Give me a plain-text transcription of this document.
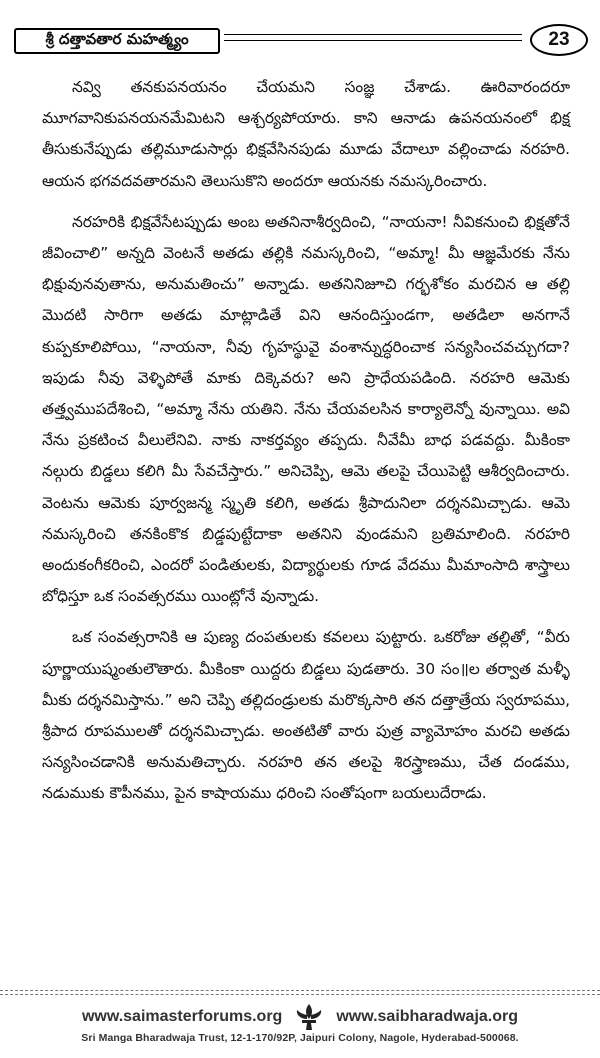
శ్రీ దత్తావతార మహత్మ్యం	23

నవ్వి తనకుపనయనం చేయమని సంజ్ఞ చేశాడు. ఊరివారందరూ మూగవానికుపనయనమేమిటని ఆశ్చర్యపోయారు. కాని ఆనాడు ఉపనయనంలో భిక్ష తీసుకునేప్పుడు తల్లిమూడుసార్లు భిక్షవేసినపుడు మూడు వేదాలూ వల్లించాడు నరహరి. ఆయన భగవదవతారమని తెలుసుకొని అందరూ ఆయనకు నమస్కరించారు.

నరహరికి భిక్షవేసేటప్పుడు అంబ అతనినాశీర్వదించి, “నాయనా! నీవికనుంచి భిక్షతోనే జీవించాలి” అన్నది వెంటనే అతడు తల్లికి నమస్కరించి, “అమ్మా! మీ ఆజ్ఞమేరకు నేను భిక్షువునవుతాను, అనుమతించు” అన్నాడు. అతనినిజూచి గర్భశోకం మరచిన ఆ తల్లి మొదటి సారిగా అతడు మాట్లాడితే విని ఆనందిస్తుండగా, అతడిలా అనగానే కుప్పకూలిపోయి, “నాయనా, నీవు గృహస్థువై వంశాన్నుద్ధరించాక సన్యసించవచ్చుగదా? ఇపుడు నీవు వెళ్ళిపోతే మాకు దిక్కెవరు? అని ప్రాధేయపడింది. నరహరి ఆమెకు తత్త్వముపదేశించి, “అమ్మా నేను యతిని. నేను చేయవలసిన కార్యాలెన్నో వున్నాయి. అవి నేను ప్రకటించ వీలులేనివి. నాకు నాకర్తవ్యం తప్పదు. నీవేమీ బాధ పడవద్దు. మీకింకా నల్గురు బిడ్డలు కలిగి మీ సేవచేస్తారు.” అనిచెప్పి, ఆమె తలపై చేయిపెట్టి ఆశీర్వదించారు. వెంటను ఆమెకు పూర్వజన్మ స్మృతి కలిగి, అతడు శ్రీపాదునిలా దర్శనమిచ్చాడు. ఆమె నమస్కరించి తనకింకొక బిడ్డపుట్టేదాకా అతనిని వుండమని బ్రతిమాలింది. నరహరి అందుకంగీకరించి, ఎందరో పండితులకు, విద్యార్థులకు గూడ వేదము మీమాంసాది శాస్త్రాలు బోధిస్తూ ఒక సంవత్సరము యింట్లోనే వున్నాడు.

ఒక సంవత్సరానికి ఆ పుణ్య దంపతులకు కవలలు పుట్టారు. ఒకరోజు తల్లితో, “వీరు పూర్ణాయుష్మంతులౌతారు. మీకింకా యిద్దరు బిడ్డలు పుడతారు. 30 సం॥ల తర్వాత మళ్ళీ మీకు దర్శనమిస్తాను.” అని చెప్పి తల్లిదండ్రులకు మరొక్కసారి తన దత్తాత్రేయ స్వరూపము, శ్రీపాద రూపములతో దర్శనమిచ్చాడు. అంతటితో వారు పుత్ర వ్యామోహం మరచి అతడు సన్యసించడానికి అనుమతిచ్చారు. నరహరి తన తలపై శిరస్త్రాణము, చేత దండము, నడుముకు కౌపీనము, పైన కాషాయము ధరించి సంతోషంగా బయలుదేరాడు.

www.saimasterforums.org	www.saibharadwaja.org
Sri Manga Bharadwaja Trust, 12-1-170/92P, Jaipuri Colony, Nagole, Hyderabad-500068.
